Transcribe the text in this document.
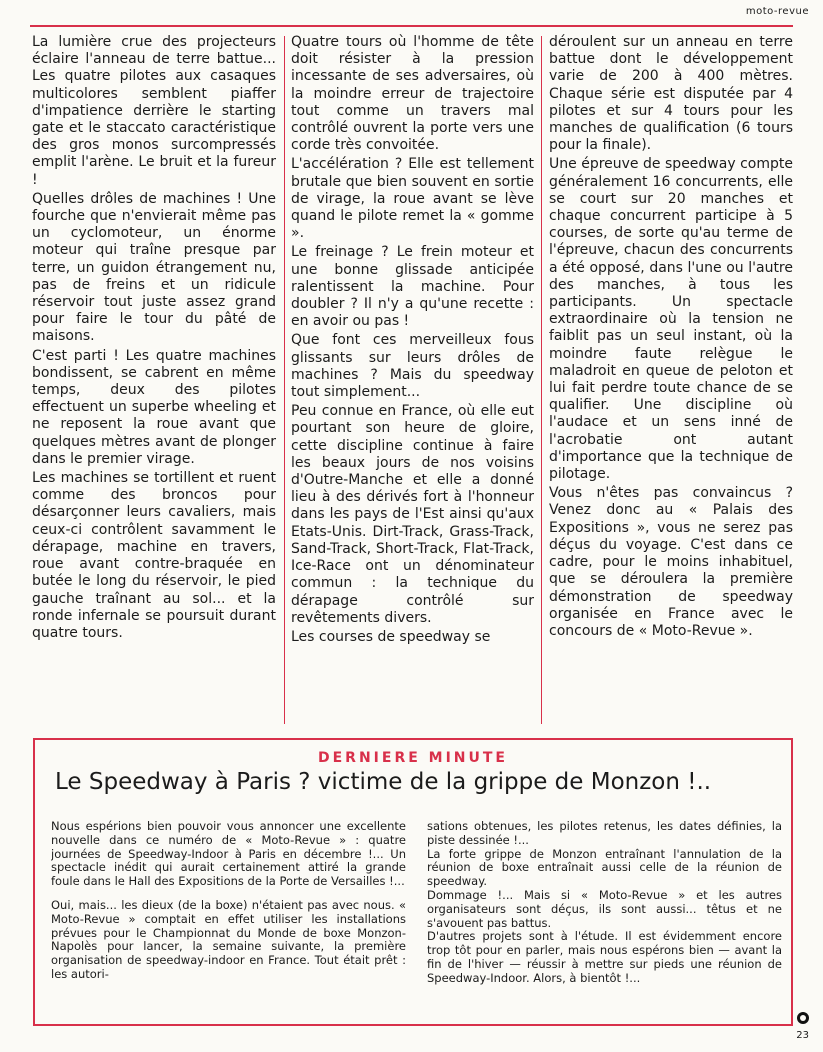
moto-revue

La lumière crue des projecteurs éclaire l'anneau de terre battue... Les quatre pilotes aux casaques multicolores semblent piaffer d'impatience derrière le starting gate et le staccato caractéristique des gros monos surcompressés emplit l'arène. Le bruit et la fureur !

Quelles drôles de machines ! Une fourche que n'envierait même pas un cyclomoteur, un énorme moteur qui traîne presque par terre, un guidon étrangement nu, pas de freins et un ridicule réservoir tout juste assez grand pour faire le tour du pâté de maisons.

C'est parti ! Les quatre machines bondissent, se cabrent en même temps, deux des pilotes effectuent un superbe wheeling et ne reposent la roue avant que quelques mètres avant de plonger dans le premier virage.

Les machines se tortillent et ruent comme des broncos pour désarçonner leurs cavaliers, mais ceux-ci contrôlent savamment le dérapage, machine en travers, roue avant contre-braquée en butée le long du réservoir, le pied gauche traînant au sol... et la ronde infernale se poursuit durant quatre tours.

Quatre tours où l'homme de tête doit résister à la pression incessante de ses adversaires, où la moindre erreur de trajectoire tout comme un travers mal contrôlé ouvrent la porte vers une corde très convoitée.

L'accélération ? Elle est tellement brutale que bien souvent en sortie de virage, la roue avant se lève quand le pilote remet la « gomme ».

Le freinage ? Le frein moteur et une bonne glissade anticipée ralentissent la machine. Pour doubler ? Il n'y a qu'une recette : en avoir ou pas !

Que font ces merveilleux fous glissants sur leurs drôles de machines ? Mais du speedway tout simplement...

Peu connue en France, où elle eut pourtant son heure de gloire, cette discipline continue à faire les beaux jours de nos voisins d'Outre-Manche et elle a donné lieu à des dérivés fort à l'honneur dans les pays de l'Est ainsi qu'aux Etats-Unis. Dirt-Track, Grass-Track, Sand-Track, Short-Track, Flat-Track, Ice-Race ont un dénominateur commun : la technique du dérapage contrôlé sur revêtements divers.

Les courses de speedway se

déroulent sur un anneau en terre battue dont le développement varie de 200 à 400 mètres. Chaque série est disputée par 4 pilotes et sur 4 tours pour les manches de qualification (6 tours pour la finale).

Une épreuve de speedway compte généralement 16 concurrents, elle se court sur 20 manches et chaque concurrent participe à 5 courses, de sorte qu'au terme de l'épreuve, chacun des concurrents a été opposé, dans l'une ou l'autre des manches, à tous les participants. Un spectacle extraordinaire où la tension ne faiblit pas un seul instant, où la moindre faute relègue le maladroit en queue de peloton et lui fait perdre toute chance de se qualifier. Une discipline où l'audace et un sens inné de l'acrobatie ont autant d'importance que la technique de pilotage.

Vous n'êtes pas convaincus ? Venez donc au « Palais des Expositions », vous ne serez pas déçus du voyage. C'est dans ce cadre, pour le moins inhabituel, que se déroulera la première démonstration de speedway organisée en France avec le concours de « Moto-Revue ».

DERNIERE MINUTE
Le Speedway à Paris ? victime de la grippe de Monzon !..

Nous espérions bien pouvoir vous annoncer une excellente nouvelle dans ce numéro de « Moto-Revue » : quatre journées de Speedway-Indoor à Paris en décembre !... Un spectacle inédit qui aurait certainement attiré la grande foule dans le Hall des Expositions de la Porte de Versailles !...

Oui, mais... les dieux (de la boxe) n'étaient pas avec nous. « Moto-Revue » comptait en effet utiliser les installations prévues pour le Championnat du Monde de boxe Monzon-Napolès pour lancer, la semaine suivante, la première organisation de speedway-indoor en France. Tout était prêt : les autori-

sations obtenues, les pilotes retenus, les dates définies, la piste dessinée !...

La forte grippe de Monzon entraînant l'annulation de la réunion de boxe entraînait aussi celle de la réunion de speedway.

Dommage !... Mais si « Moto-Revue » et les autres organisateurs sont déçus, ils sont aussi... têtus et ne s'avouent pas battus.

D'autres projets sont à l'étude. Il est évidemment encore trop tôt pour en parler, mais nous espérons bien — avant la fin de l'hiver — réussir à mettre sur pieds une réunion de Speedway-Indoor. Alors, à bientôt !...

23
